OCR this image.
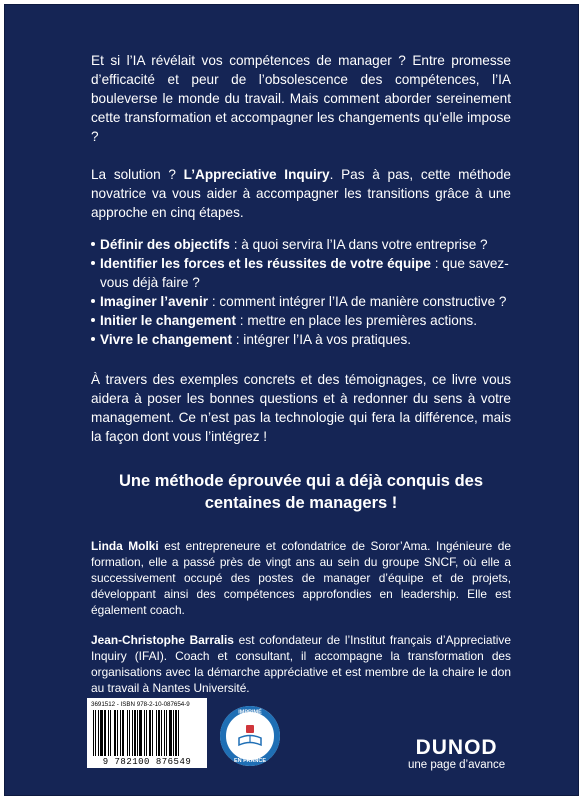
Et si l’IA révélait vos compétences de manager ? Entre promesse d’efficacité et peur de l’obsolescence des compétences, l’IA bouleverse le monde du travail. Mais comment aborder sereinement cette transformation et accompagner les changements qu’elle impose ?

La solution ? L’Appreciative Inquiry. Pas à pas, cette méthode novatrice va vous aider à accompagner les transitions grâce à une approche en cinq étapes.

Définir des objectifs : à quoi servira l’IA dans votre entreprise ?
Identifier les forces et les réussites de votre équipe : que savez-vous déjà faire ?
Imaginer l’avenir : comment intégrer l’IA de manière constructive ?
Initier le changement : mettre en place les premières actions.
Vivre le changement : intégrer l’IA à vos pratiques.

À travers des exemples concrets et des témoignages, ce livre vous aidera à poser les bonnes questions et à redonner du sens à votre management. Ce n’est pas la technologie qui fera la différence, mais la façon dont vous l’intégrez !

Une méthode éprouvée qui a déjà conquis des centaines de managers !

Linda Molki est entrepreneure et cofondatrice de Soror’Ama. Ingénieure de formation, elle a passé près de vingt ans au sein du groupe SNCF, où elle a successivement occupé des postes de manager d’équipe et de projets, développant ainsi des compétences approfondies en leadership. Elle est également coach.

Jean-Christophe Barralis est cofondateur de l’Institut français d’Appreciative Inquiry (IFAI). Coach et consultant, il accompagne la transformation des organisations avec la démarche appréciative et est membre de la chaire le don au travail à Nantes Université.

3691512 - ISBN 978-2-10-087654-9
9 782100 876549
IMPRIMÉ
EN FRANCE
DUNOD
une page d’avance
